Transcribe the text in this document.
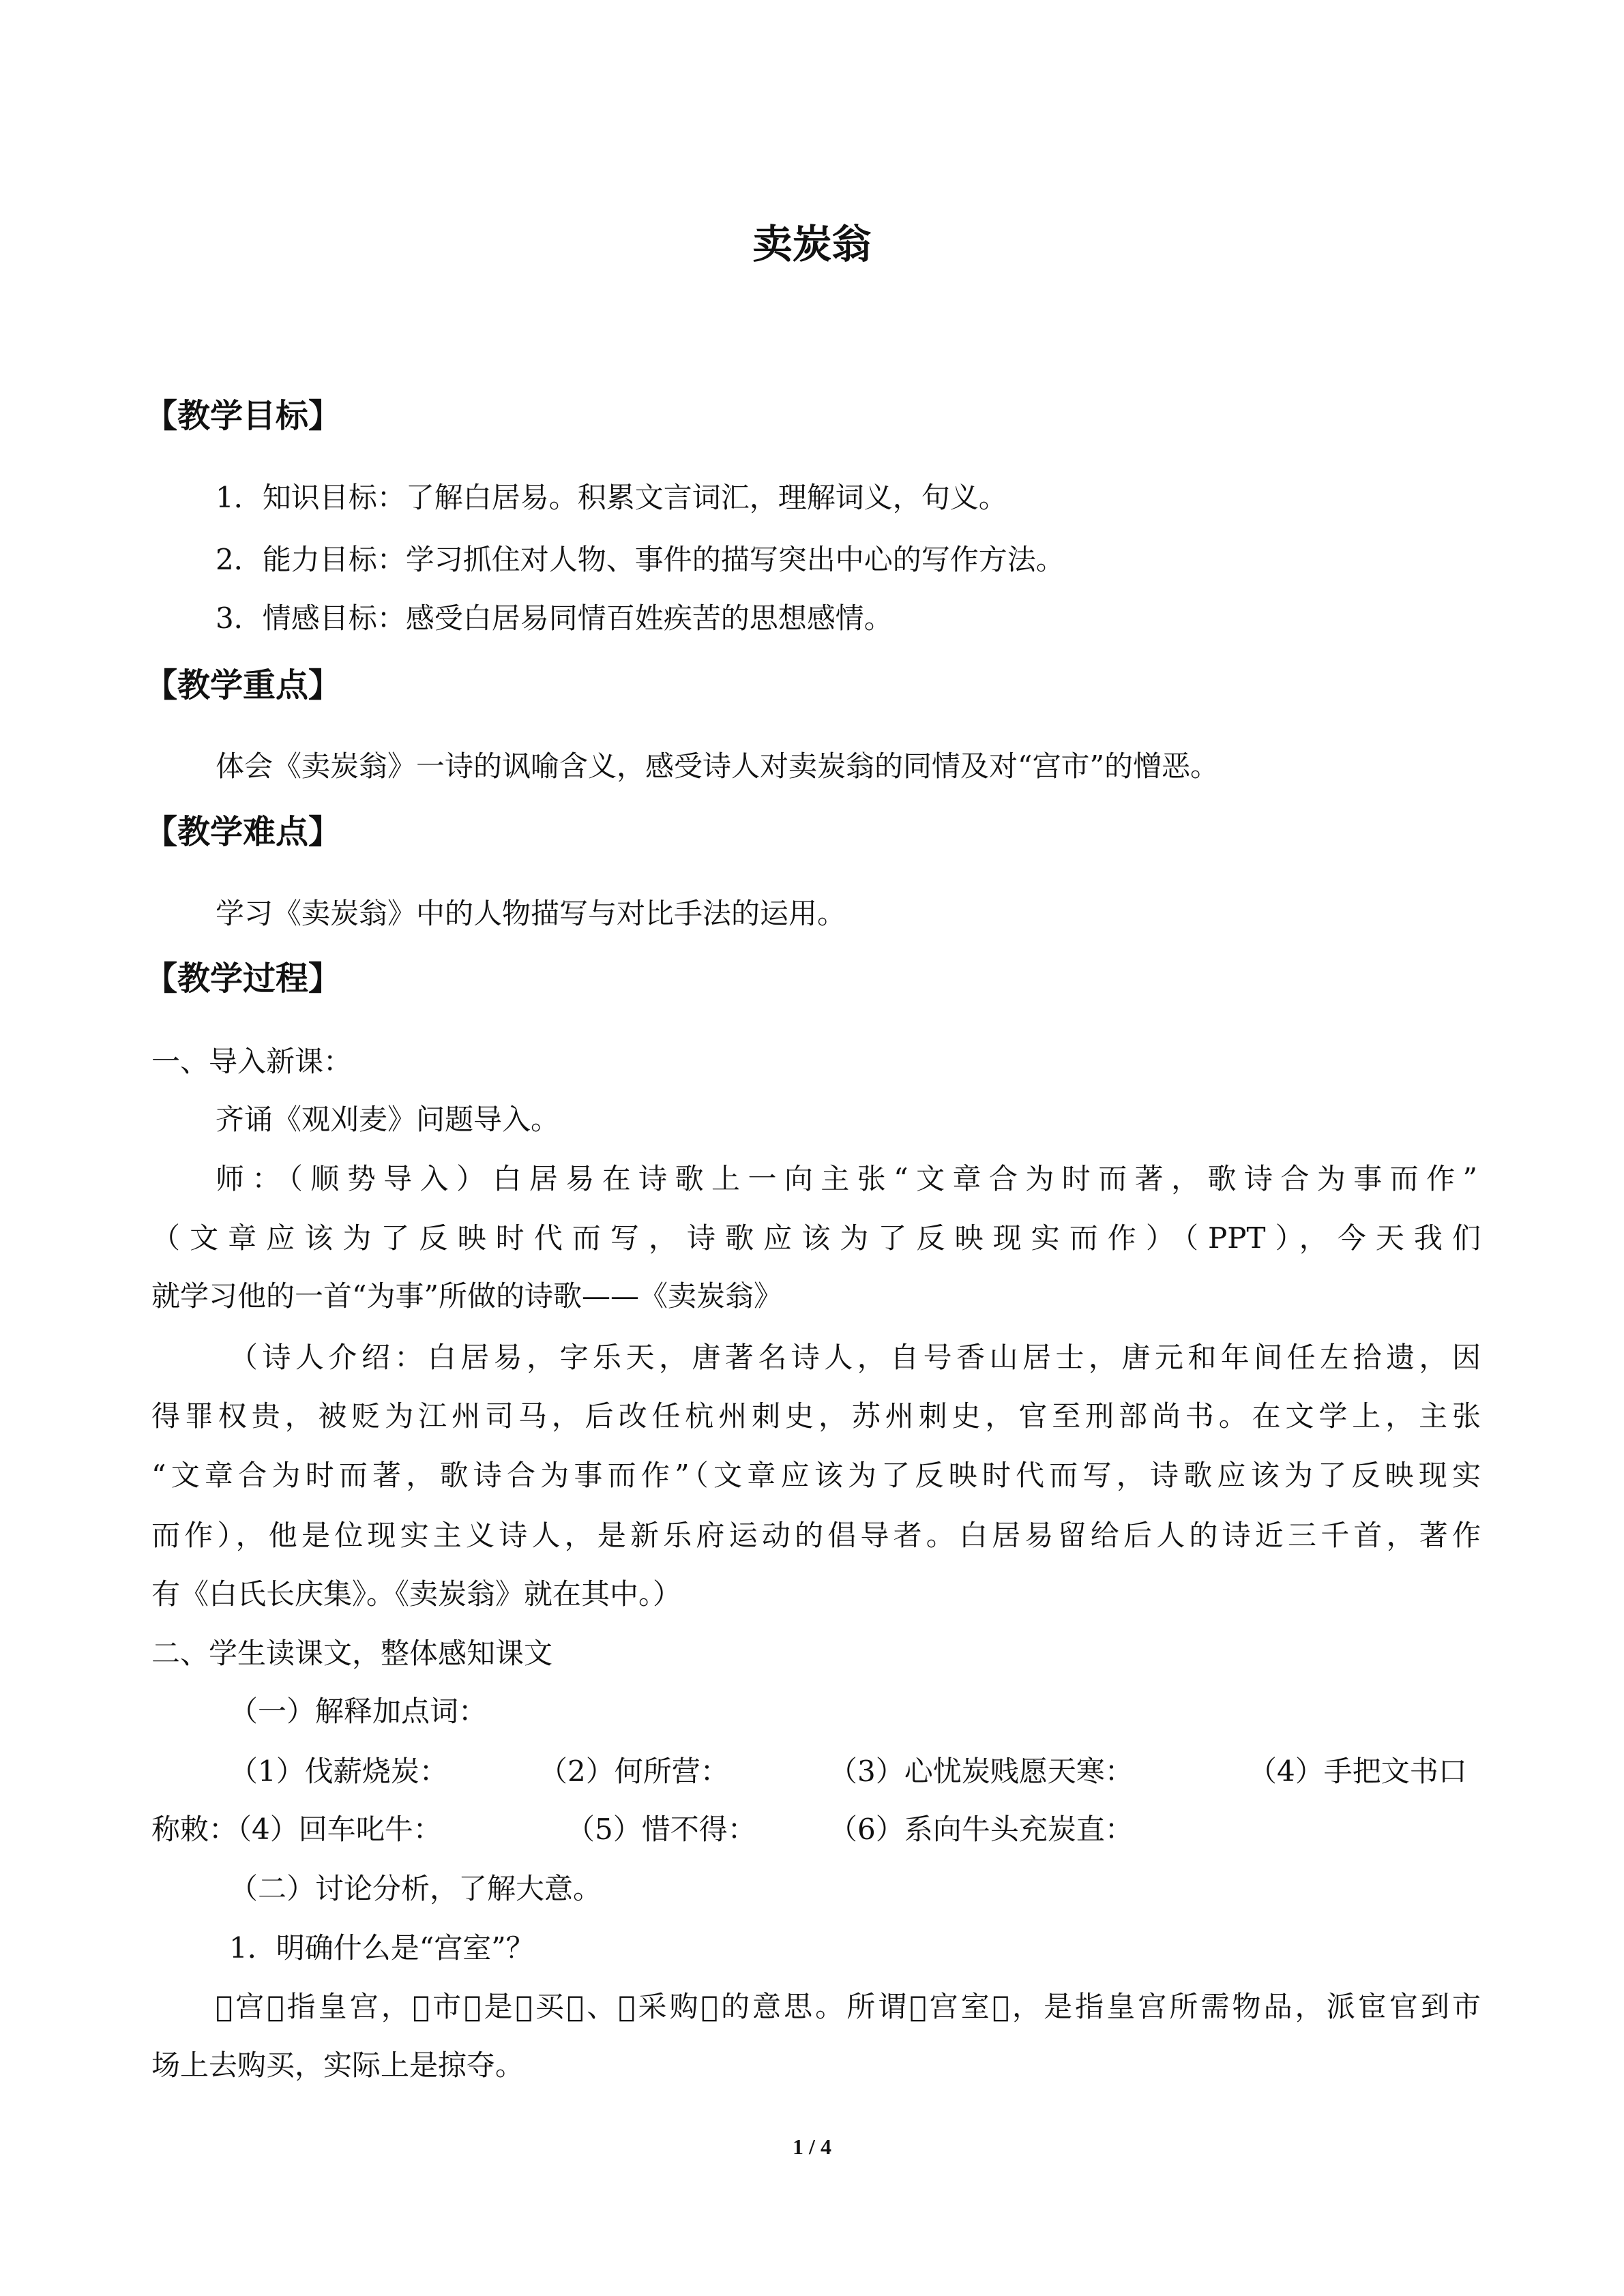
卖炭翁
【教学目标】
1．知识目标：了解白居易。积累文言词汇，理解词义，句义。
2．能力目标：学习抓住对人物、事件的描写突出中心的写作方法。
3．情感目标：感受白居易同情百姓疾苦的思想感情。
【教学重点】
体会《卖炭翁》一诗的讽喻含义，感受诗人对卖炭翁的同情及对“宫市”的憎恶。
【教学难点】
学习《卖炭翁》中的人物描写与对比手法的运用。
【教学过程】
一、导入新课：
齐诵《观刈麦》问题导入。
师：（顺势导入）白居易在诗歌上一向主张“文章合为时而著，歌诗合为事而作”
（文章应该为了反映时代而写，诗歌应该为了反映现实而作）（PPT），今天我们
就学习他的一首“为事”所做的诗歌——《卖炭翁》
（诗人介绍：白居易，字乐天，唐著名诗人，自号香山居士，唐元和年间任左拾遗，因
得罪权贵，被贬为江州司马，后改任杭州刺史，苏州刺史，官至刑部尚书。在文学上，主张
“文章合为时而著，歌诗合为事而作”（文章应该为了反映时代而写，诗歌应该为了反映现实
而作），他是位现实主义诗人，是新乐府运动的倡导者。白居易留给后人的诗近三千首，著作
有《白氏长庆集》。《卖炭翁》就在其中。）
二、学生读课文，整体感知课文
（一）解释加点词：
（1）伐薪烧炭：	（2）何所营：	（3）心忧炭贱愿天寒：	（4）手把文书口
称敕：（4）回车叱牛：	（5）惜不得：	（6）系向牛头充炭直：
（二）讨论分析，了解大意。
1．明确什么是“宫室”？
 宫 指皇宫， 市 是 买 、 采购 的意思。所谓 宫室 ，是指皇宫所需物品，派宦官到市
场上去购买，实际上是掠夺。
1 / 4
